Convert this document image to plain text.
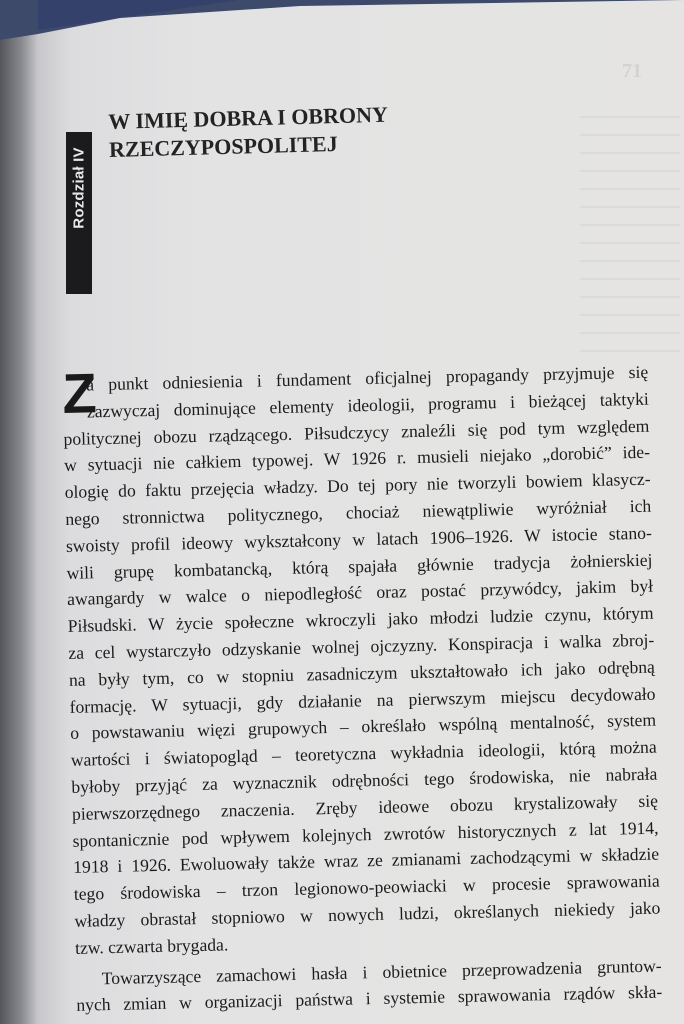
71
Rozdział IV
W IMIĘ DOBRA I OBRONY
RZECZYPOSPOLITEJ
Z
a punkt odniesienia i fundament oficjalnej propagandy przyjmuje się
zazwyczaj dominujące elementy ideologii, programu i bieżącej taktyki
politycznej obozu rządzącego. Piłsudczycy znaleźli się pod tym względem
w sytuacji nie całkiem typowej. W 1926 r. musieli niejako „dorobić” ide-
ologię do faktu przejęcia władzy. Do tej pory nie tworzyli bowiem klasycz-
nego stronnictwa politycznego, chociaż niewątpliwie wyróżniał ich
swoisty profil ideowy wykształcony w latach 1906–1926. W istocie stano-
wili grupę kombatancką, którą spajała głównie tradycja żołnierskiej
awangardy w walce o niepodległość oraz postać przywódcy, jakim był
Piłsudski. W życie społeczne wkroczyli jako młodzi ludzie czynu, którym
za cel wystarczyło odzyskanie wolnej ojczyzny. Konspiracja i walka zbroj-
na były tym, co w stopniu zasadniczym ukształtowało ich jako odrębną
formację. W sytuacji, gdy działanie na pierwszym miejscu decydowało
o powstawaniu więzi grupowych – określało wspólną mentalność, system
wartości i światopogląd – teoretyczna wykładnia ideologii, którą można
byłoby przyjąć za wyznacznik odrębności tego środowiska, nie nabrała
pierwszorzędnego znaczenia. Zręby ideowe obozu krystalizowały się
spontanicznie pod wpływem kolejnych zwrotów historycznych z lat 1914,
1918 i 1926. Ewoluowały także wraz ze zmianami zachodzącymi w składzie
tego środowiska – trzon legionowo-peowiacki w procesie sprawowania
władzy obrastał stopniowo w nowych ludzi, określanych niekiedy jako
tzw. czwarta brygada.
Towarzyszące zamachowi hasła i obietnice przeprowadzenia gruntow-
nych zmian w organizacji państwa i systemie sprawowania rządów skła-
